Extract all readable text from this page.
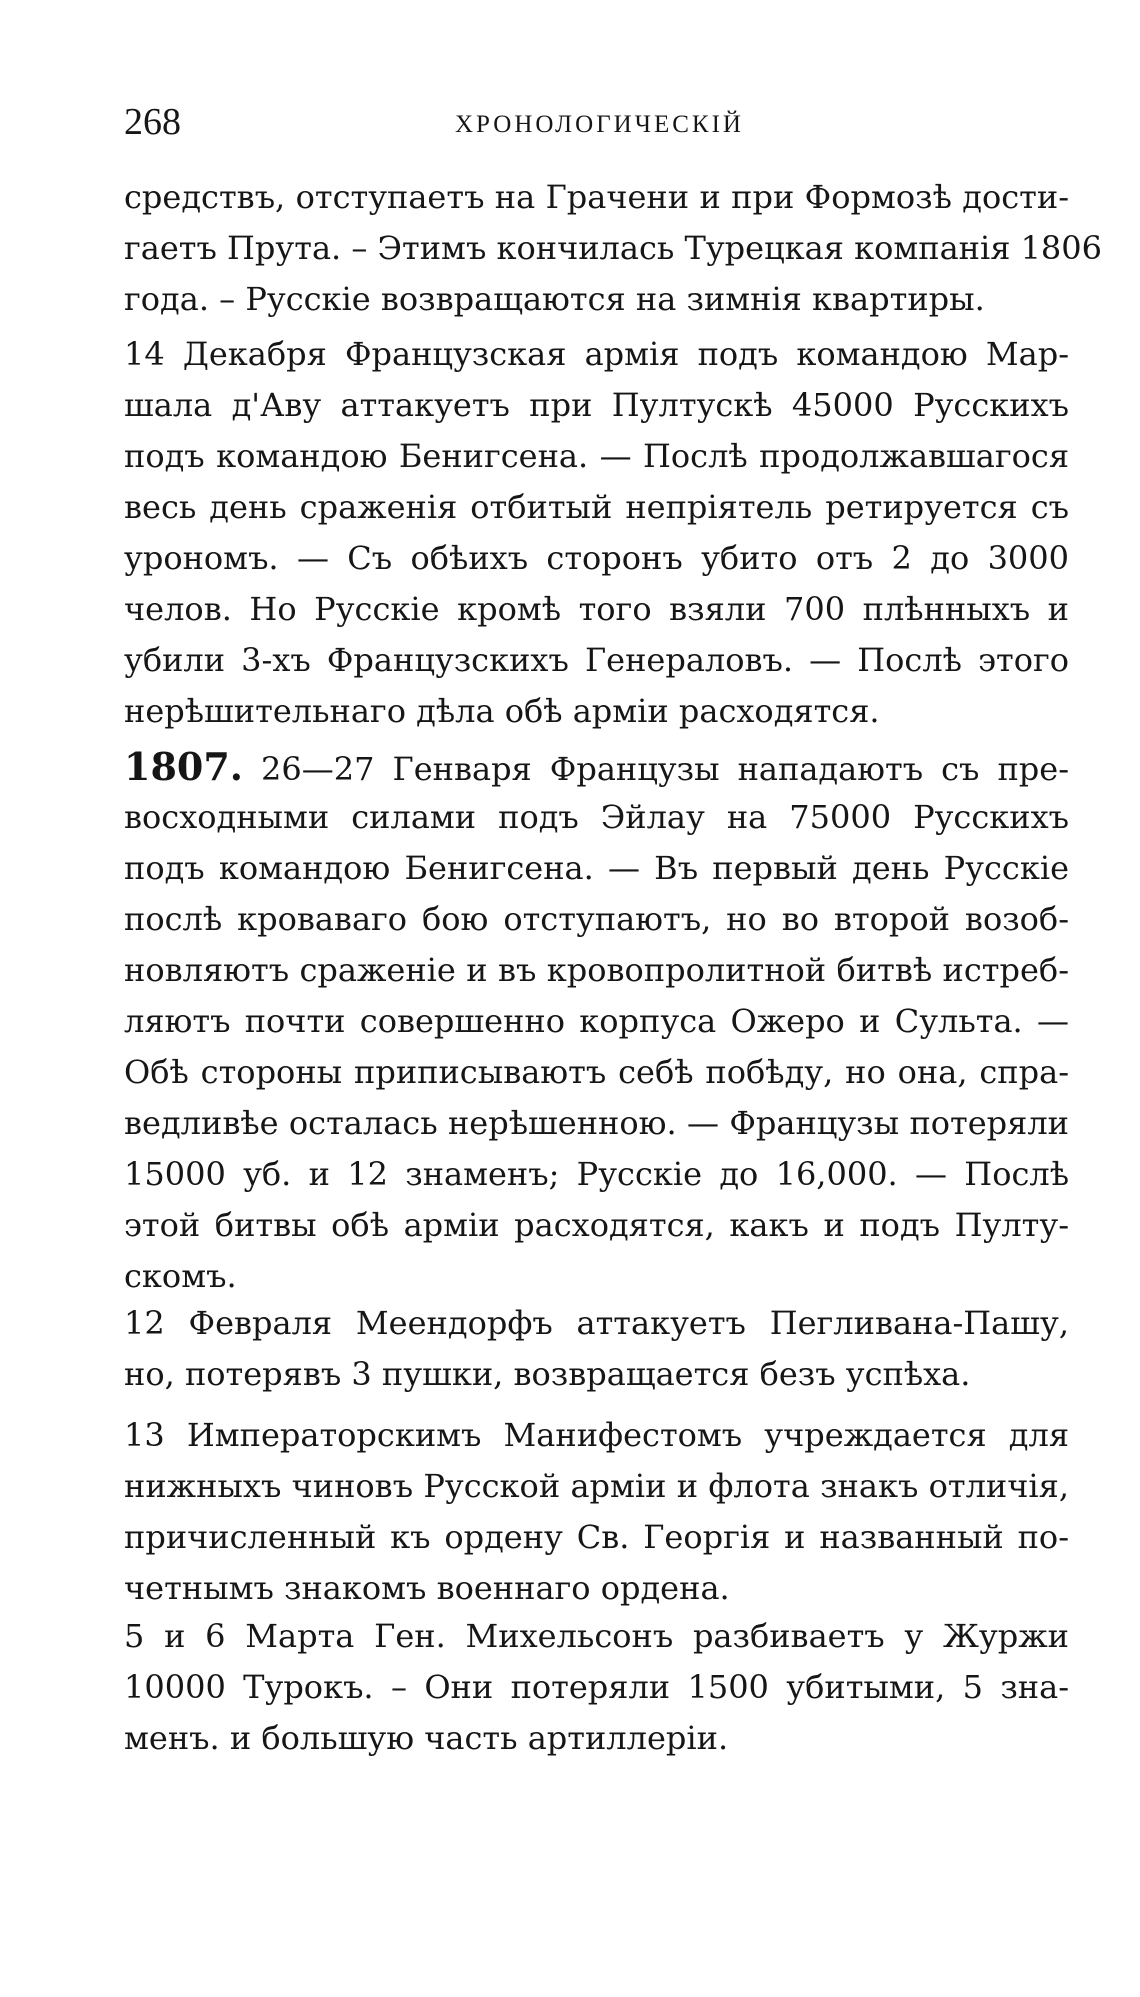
268	ХРОНОЛОГИЧЕСКІЙ
средствъ, отступаетъ на Грачени и при Формозѣ дости-
гаетъ Прута. – Этимъ кончилась Турецкая компанія 1806
года. – Русскіе возвращаются на зимнія квартиры.
14 Декабря Французская армія подъ командою Мар-
шала д'Аву аттакуетъ при Пултускѣ 45000 Русскихъ
подъ командою Бенигсена. — Послѣ продолжавшагося
весь день сраженія отбитый непріятель ретируется съ
урономъ. — Съ обѣихъ сторонъ убито отъ 2 до 3000
челов. Но Русскіе кромѣ того взяли 700 плѣнныхъ и
убили 3-хъ Французскихъ Генераловъ. — Послѣ этого
нерѣшительнаго дѣла обѣ арміи расходятся.
1807. 26—27 Генваря Французы нападаютъ съ пре-
восходными силами подъ Эйлау на 75000 Русскихъ
подъ командою Бенигсена. — Въ первый день Русскіе
послѣ кроваваго бою отступаютъ, но во второй возоб-
новляютъ сраженіе и въ кровопролитной битвѣ истреб-
ляютъ почти совершенно корпуса Ожеро и Сульта. —
Обѣ стороны приписываютъ себѣ побѣду, но она, спра-
ведливѣе осталась нерѣшенною. — Французы потеряли
15000 уб. и 12 знаменъ; Русскіе до 16,000. — Послѣ
этой битвы обѣ арміи расходятся, какъ и подъ Пулту-
скомъ.
12 Февраля Меендорфъ аттакуетъ Пегливана-Пашу,
но, потерявъ 3 пушки, возвращается безъ успѣха.
13 Императорскимъ Манифестомъ учреждается для
нижныхъ чиновъ Русской арміи и флота знакъ отличія,
причисленный къ ордену Св. Георгія и названный по-
четнымъ знакомъ военнаго ордена.
5 и 6 Марта Ген. Михельсонъ разбиваетъ у Журжи
10000 Турокъ. – Они потеряли 1500 убитыми, 5 зна-
менъ. и большую часть артиллеріи.
